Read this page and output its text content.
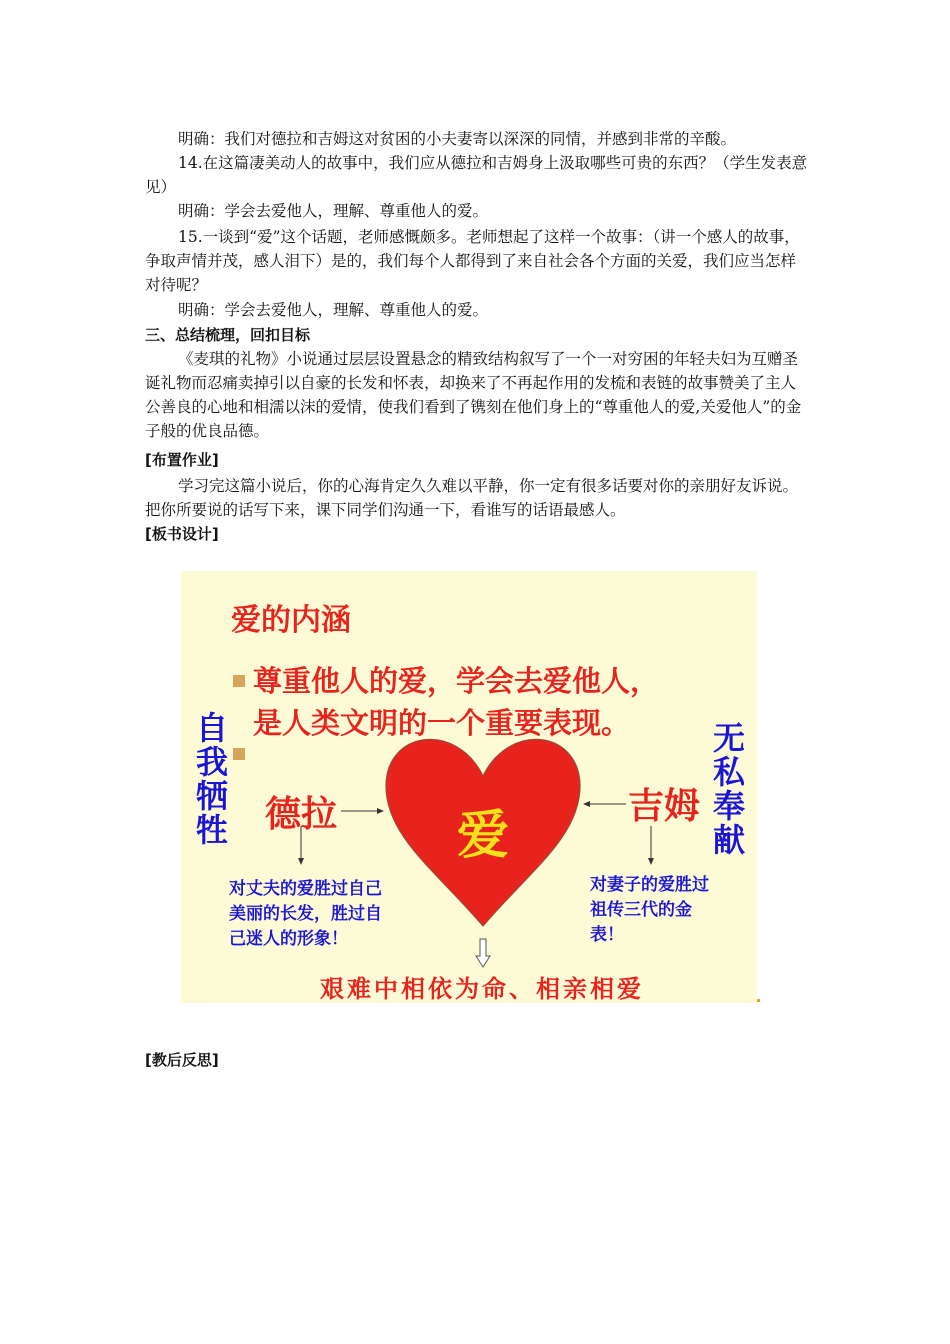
明确：我们对德拉和吉姆这对贫困的小夫妻寄以深深的同情，并感到非常的辛酸。
14.在这篇凄美动人的故事中，我们应从德拉和吉姆身上汲取哪些可贵的东西？（学生发表意见）
明确：学会去爱他人，理解、尊重他人的爱。
15.一谈到“爱”这个话题，老师感慨颇多。老师想起了这样一个故事：（讲一个感人的故事，争取声情并茂，感人泪下）是的，我们每个人都得到了来自社会各个方面的关爱，我们应当怎样对待呢？
明确：学会去爱他人，理解、尊重他人的爱。
三、总结梳理，回扣目标
《麦琪的礼物》小说通过层层设置悬念的精致结构叙写了一个一对穷困的年轻夫妇为互赠圣诞礼物而忍痛卖掉引以自豪的长发和怀表，却换来了不再起作用的发梳和表链的故事赞美了主人公善良的心地和相濡以沫的爱情，使我们看到了镌刻在他们身上的“尊重他人的爱,关爱他人”的金子般的优良品德。
[布置作业]
学习完这篇小说后，你的心海肯定久久难以平静，你一定有很多话要对你的亲朋好友诉说。把你所要说的话写下来，课下同学们沟通一下，看谁写的话语最感人。
[板书设计]
爱的内涵
尊重他人的爱，学会去爱他人，
是人类文明的一个重要表现。
自我牺牲	无私奉献
爱
德拉	吉姆
对丈夫的爱胜过自己美丽的长发，胜过自己迷人的形象！
对妻子的爱胜过祖传三代的金表！
艰难中相依为命、相亲相爱
[教后反思]
